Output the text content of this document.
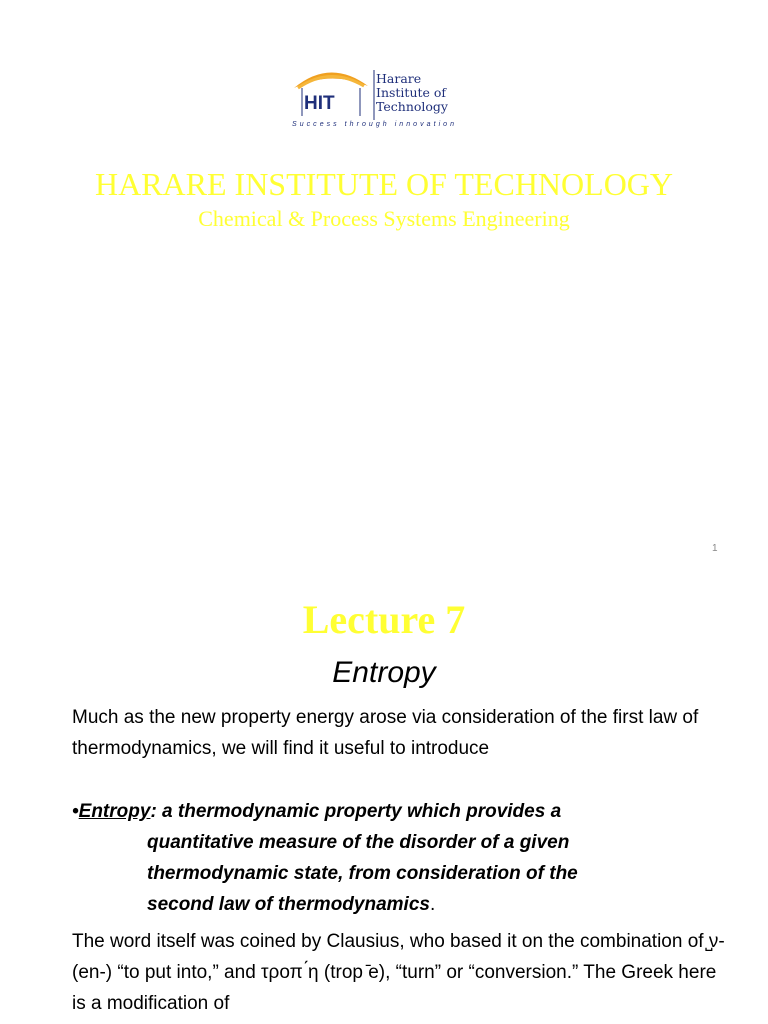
HIT
Success through innovation
Harare
Institute of
Technology
HARARE INSTITUTE OF TECHNOLOGY
Chemical & Process Systems Engineering
1
Lecture 7
Entropy
Much as the new property energy arose via consideration of the first law of thermodynamics, we will find it useful to introduce
•Entropy: a thermodynamic property which provides a
quantitative measure of the disorder of a given
thermodynamic state, from consideration of the
second law of thermodynamics.
The word itself was coined by Clausius, who based it on the combination of ̺ν- (en-) “to put into,” and τροπ ́η (trop ̄e), “turn” or “conversion.” The Greek here is a modification of
